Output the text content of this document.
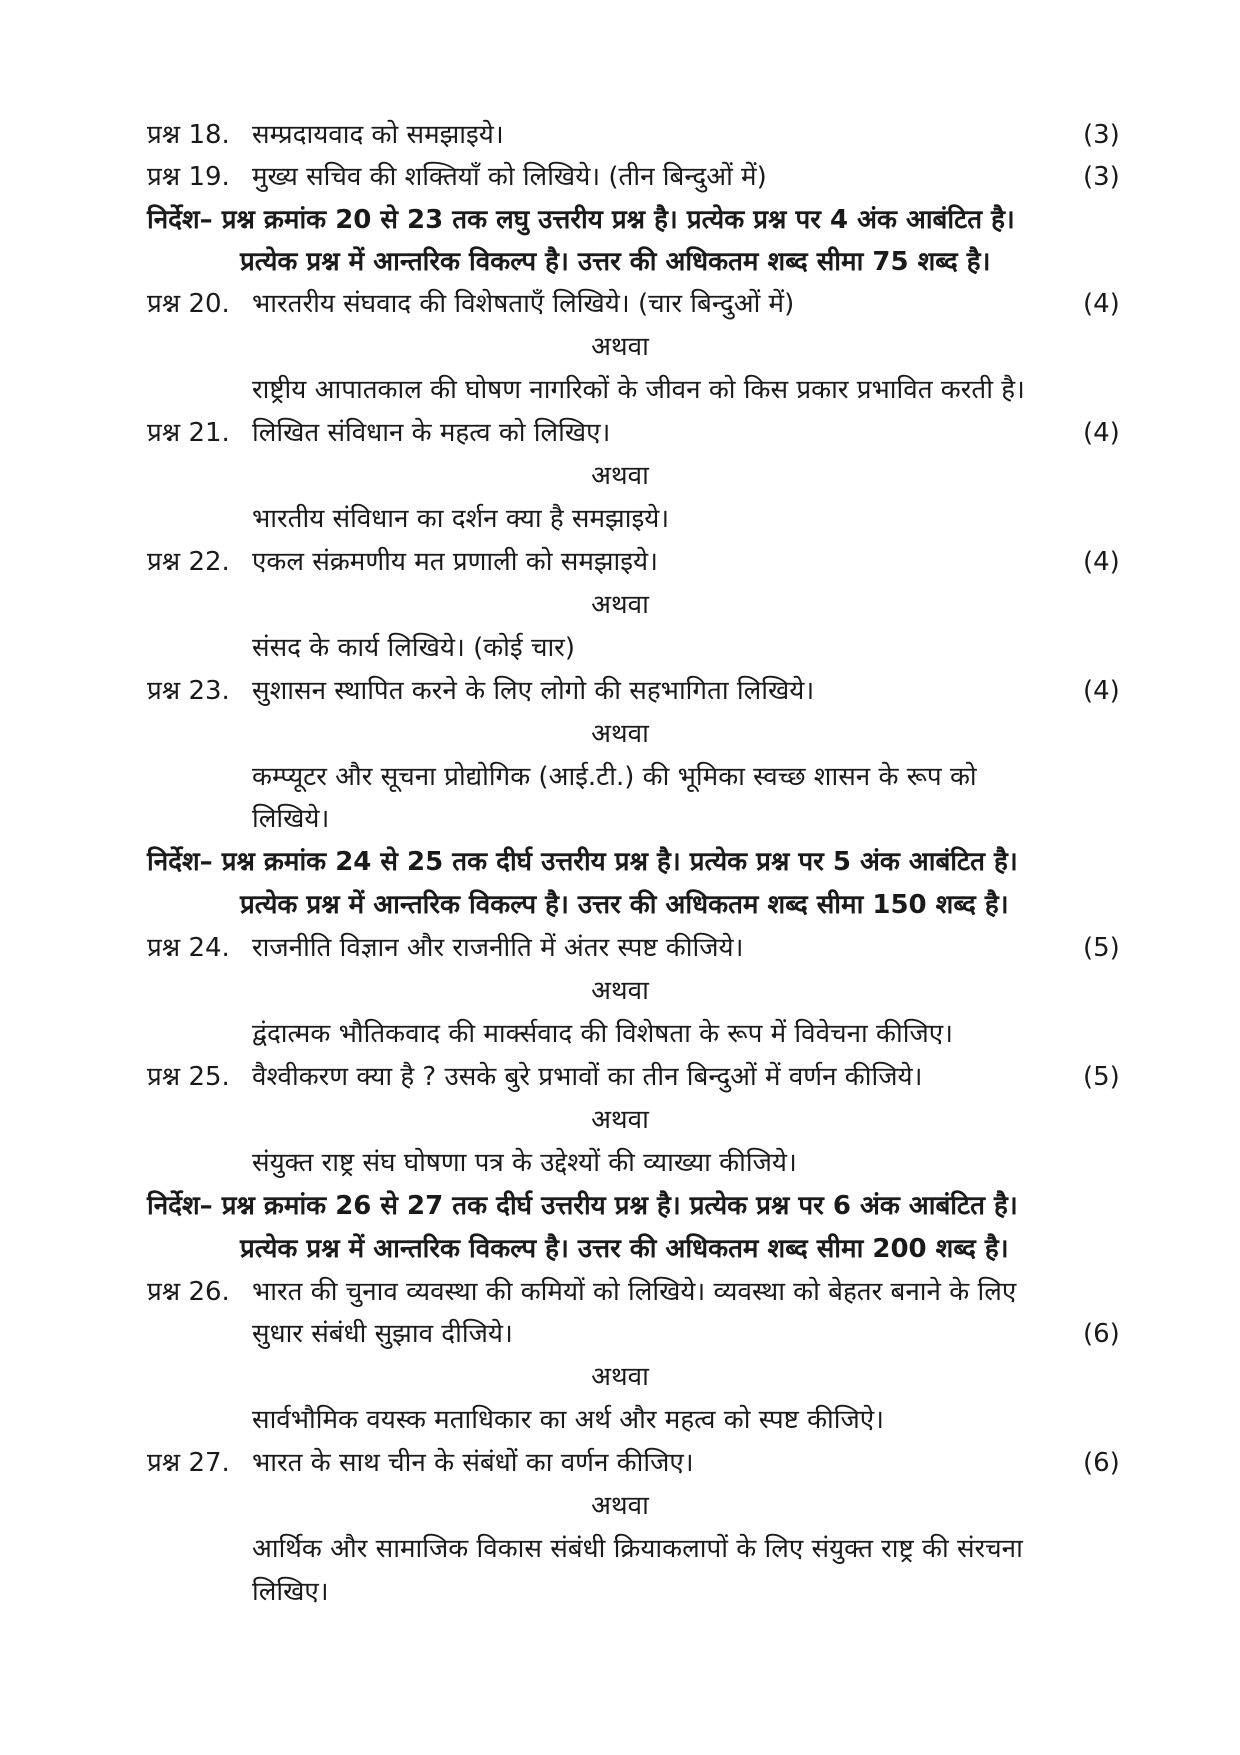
प्रश्न 18. सम्प्रदायवाद को समझाइये।	(3)
प्रश्न 19. मुख्य सचिव की शक्तियाँ को लिखिये। (तीन बिन्दुओं में)	(3)
निर्देश– प्रश्न क्रमांक 20 से 23 तक लघु उत्तरीय प्रश्न है। प्रत्येक प्रश्न पर 4 अंक आबंटित है।
प्रत्येक प्रश्न में आन्तरिक विकल्प है। उत्तर की अधिकतम शब्द सीमा 75 शब्द है।
प्रश्न 20. भारतरीय संघवाद की विशेषताएँ लिखिये। (चार बिन्दुओं में)	(4)
अथवा
राष्ट्रीय आपातकाल की घोषण नागरिकों के जीवन को किस प्रकार प्रभावित करती है।
प्रश्न 21. लिखित संविधान के महत्व को लिखिए।	(4)
अथवा
भारतीय संविधान का दर्शन क्या है समझाइये।
प्रश्न 22. एकल संक्रमणीय मत प्रणाली को समझाइये।	(4)
अथवा
संसद के कार्य लिखिये। (कोई चार)
प्रश्न 23. सुशासन स्थापित करने के लिए लोगो की सहभागिता लिखिये।	(4)
अथवा
कम्प्यूटर और सूचना प्रोद्योगिक (आई.टी.) की भूमिका स्वच्छ शासन के रूप को
लिखिये।
निर्देश– प्रश्न क्रमांक 24 से 25 तक दीर्घ उत्तरीय प्रश्न है। प्रत्येक प्रश्न पर 5 अंक आबंटित है।
प्रत्येक प्रश्न में आन्तरिक विकल्प है। उत्तर की अधिकतम शब्द सीमा 150 शब्द है।
प्रश्न 24. राजनीति विज्ञान और राजनीति में अंतर स्पष्ट कीजिये।	(5)
अथवा
द्वंदात्मक भौतिकवाद की मार्क्सवाद की विशेषता के रूप में विवेचना कीजिए।
प्रश्न 25. वैश्वीकरण क्या है ? उसके बुरे प्रभावों का तीन बिन्दुओं में वर्णन कीजिये।	(5)
अथवा
संयुक्त राष्ट्र संघ घोषणा पत्र के उद्देश्यों की व्याख्या कीजिये।
निर्देश– प्रश्न क्रमांक 26 से 27 तक दीर्घ उत्तरीय प्रश्न है। प्रत्येक प्रश्न पर 6 अंक आबंटित है।
प्रत्येक प्रश्न में आन्तरिक विकल्प है। उत्तर की अधिकतम शब्द सीमा 200 शब्द है।
प्रश्न 26. भारत की चुनाव व्यवस्था की कमियों को लिखिये। व्यवस्था को बेहतर बनाने के लिए
सुधार संबंधी सुझाव दीजिये।	(6)
अथवा
सार्वभौमिक वयस्क मताधिकार का अर्थ और महत्व को स्पष्ट कीजिऐ।
प्रश्न 27. भारत के साथ चीन के संबंधों का वर्णन कीजिए।	(6)
अथवा
आर्थिक और सामाजिक विकास संबंधी क्रियाकलापों के लिए संयुक्त राष्ट्र की संरचना
लिखिए।
